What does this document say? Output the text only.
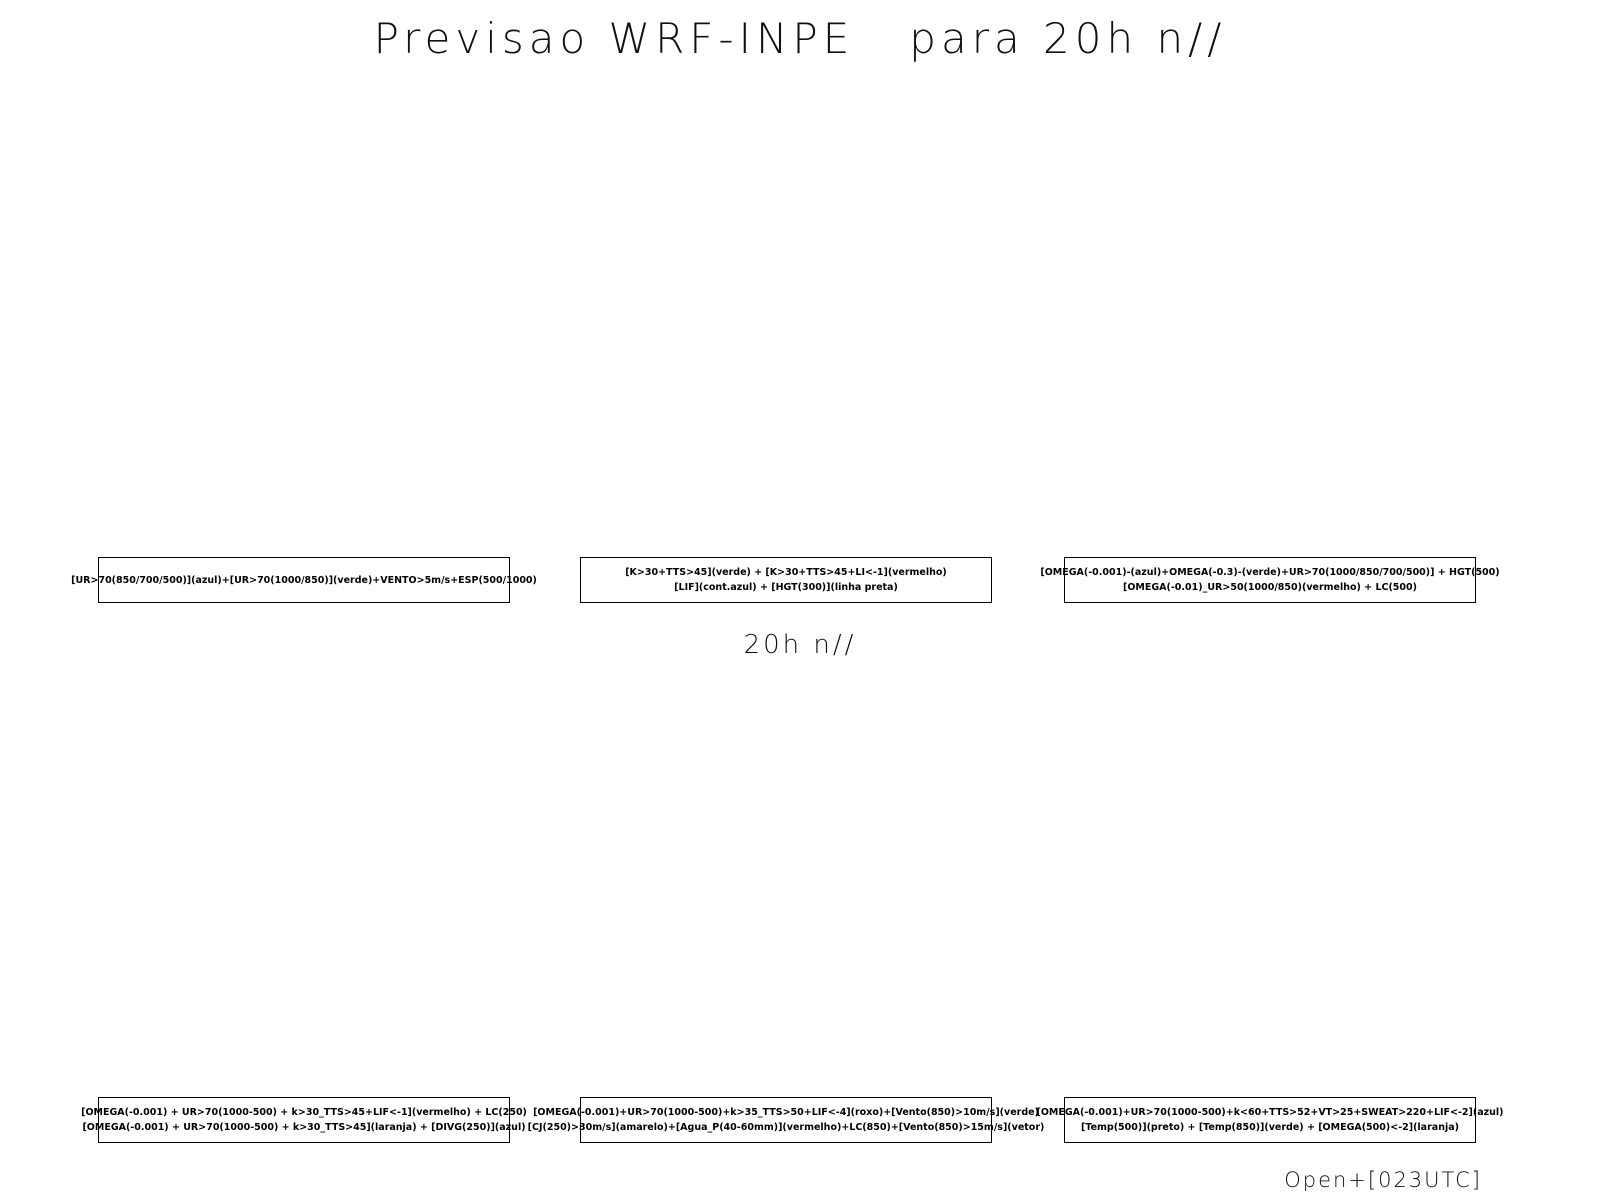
Previsao WRF-INPE   para 20h n//
[UR>70(850/700/500)](azul)+[UR>70(1000/850)](verde)+VENTO>5m/s+ESP(500/1000)
[K>30+TTS>45](verde) + [K>30+TTS>45+LI<-1](vermelho)
[LIF](cont.azul) + [HGT(300)](linha preta)
[OMEGA(-0.001)-(azul)+OMEGA(-0.3)-(verde)+UR>70(1000/850/700/500)] + HGT(500)
[OMEGA(-0.01)_UR>50(1000/850)(vermelho) + LC(500)
20h n//
[OMEGA(-0.001) + UR>70(1000-500) + k>30_TTS>45+LIF<-1](vermelho) + LC(250)
[OMEGA(-0.001) + UR>70(1000-500) + k>30_TTS>45](laranja) + [DIVG(250)](azul)
[OMEGA(-0.001)+UR>70(1000-500)+k>35_TTS>50+LIF<-4](roxo)+[Vento(850)>10m/s](verde)
[CJ(250)>30m/s](amarelo)+[Agua_P(40-60mm)](vermelho)+LC(850)+[Vento(850)>15m/s](vetor)
[OMEGA(-0.001)+UR>70(1000-500)+k<60+TTS>52+VT>25+SWEAT>220+LIF<-2](azul)
[Temp(500)](preto) + [Temp(850)](verde) + [OMEGA(500)<-2](laranja)
Open+[023UTC]
